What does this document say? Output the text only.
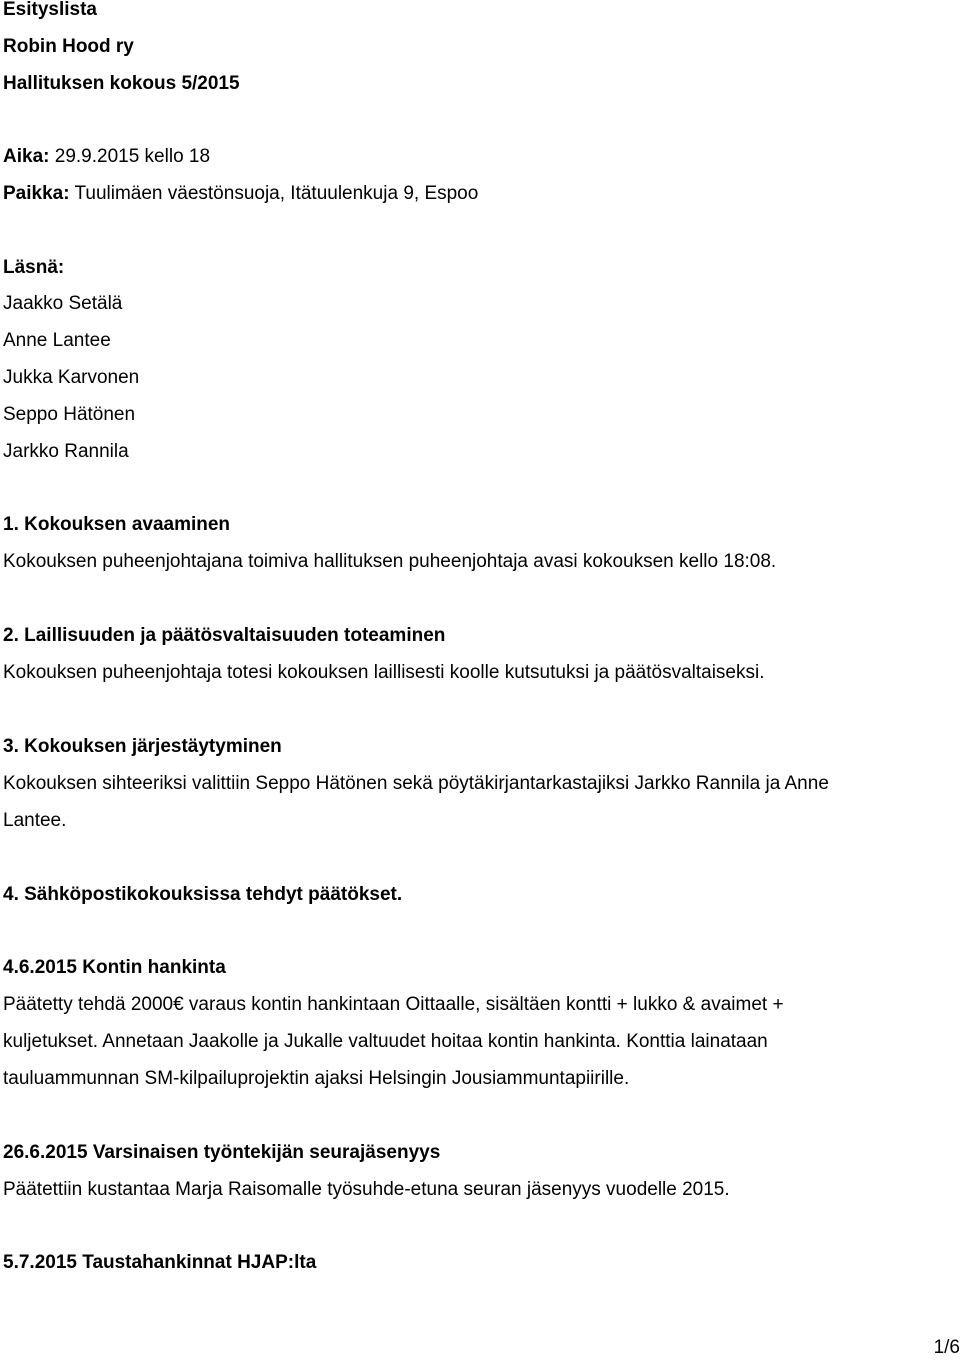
Esityslista
Robin Hood ry
Hallituksen kokous 5/2015
Aika: 29.9.2015 kello 18
Paikka: Tuulimäen väestönsuoja, Itätuulenkuja 9, Espoo
Läsnä:
Jaakko Setälä
Anne Lantee
Jukka Karvonen
Seppo Hätönen
Jarkko Rannila
1. Kokouksen avaaminen
Kokouksen puheenjohtajana toimiva hallituksen puheenjohtaja avasi kokouksen kello 18:08.
2. Laillisuuden ja päätösvaltaisuuden toteaminen
Kokouksen puheenjohtaja totesi kokouksen laillisesti koolle kutsutuksi ja päätösvaltaiseksi.
3. Kokouksen järjestäytyminen
Kokouksen sihteeriksi valittiin Seppo Hätönen sekä pöytäkirjantarkastajiksi Jarkko Rannila ja Anne
Lantee.
4. Sähköpostikokouksissa tehdyt päätökset.
4.6.2015 Kontin hankinta
Päätetty tehdä 2000€ varaus kontin hankintaan Oittaalle, sisältäen kontti + lukko & avaimet +
kuljetukset. Annetaan Jaakolle ja Jukalle valtuudet hoitaa kontin hankinta. Konttia lainataan
tauluammunnan SM-kilpailuprojektin ajaksi Helsingin Jousiammuntapiirille.
26.6.2015 Varsinaisen työntekijän seurajäsenyys
Päätettiin kustantaa Marja Raisomalle työsuhde-etuna seuran jäsenyys vuodelle 2015.
5.7.2015 Taustahankinnat HJAP:lta
1/6
